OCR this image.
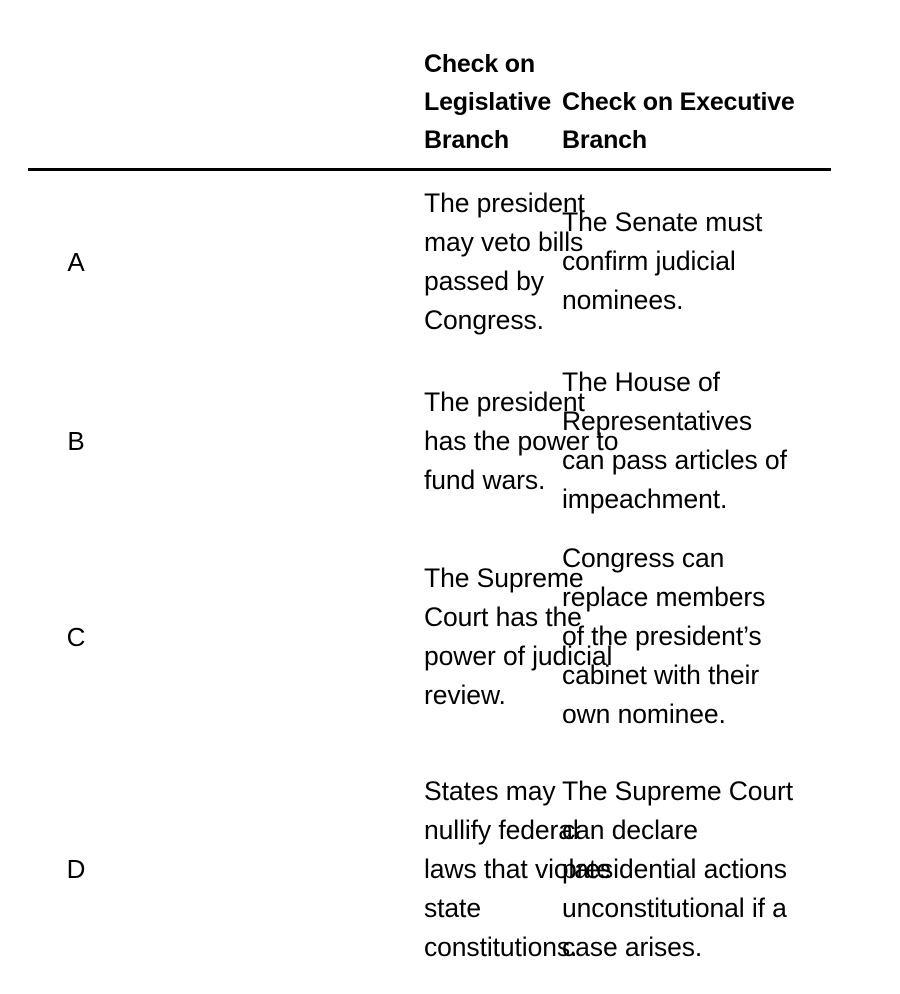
	Check on Legislative Branch	Check on Executive Branch

A	The president may veto bills passed by Congress.	The Senate must confirm judicial nominees.

B	The president has the power to fund wars.	The House of Representatives can pass articles of impeachment.

C	The Supreme Court has the power of judicial review.	Congress can replace members of the president’s cabinet with their own nominee.

D	States may nullify federal laws that violate state constitutions.	The Supreme Court can declare presidential actions unconstitutional if a case arises.
